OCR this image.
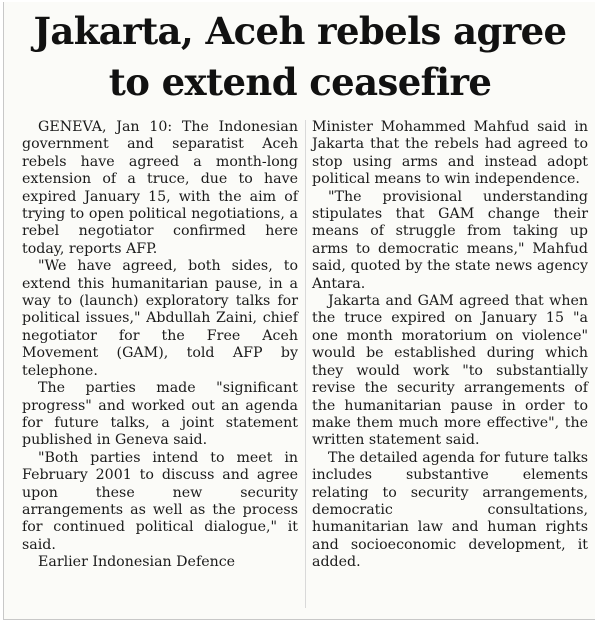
Jakarta, Aceh rebels agree
to extend ceasefire

GENEVA, Jan 10: The Indonesian government and separatist Aceh rebels have agreed a month-long extension of a truce, due to have expired January 15, with the aim of trying to open political negotiations, a rebel negotiator confirmed here today, reports AFP.

"We have agreed, both sides, to extend this humanitarian pause, in a way to (launch) exploratory talks for political issues," Abdullah Zaini, chief negotiator for the Free Aceh Movement (GAM), told AFP by telephone.

The parties made "significant progress" and worked out an agenda for future talks, a joint statement published in Geneva said.

"Both parties intend to meet in February 2001 to discuss and agree upon these new security arrangements as well as the process for continued political dialogue," it said.

Earlier Indonesian Defence

Minister Mohammed Mahfud said in Jakarta that the rebels had agreed to stop using arms and instead adopt political means to win independence.

"The provisional understanding stipulates that GAM change their means of struggle from taking up arms to democratic means," Mahfud said, quoted by the state news agency Antara.

Jakarta and GAM agreed that when the truce expired on January 15 "a one month moratorium on violence" would be established during which they would work "to substantially revise the security arrangements of the humanitarian pause in order to make them much more effective", the written statement said.

The detailed agenda for future talks includes substantive elements relating to security arrangements, democratic consultations, humanitarian law and human rights and socioeconomic development, it added.
